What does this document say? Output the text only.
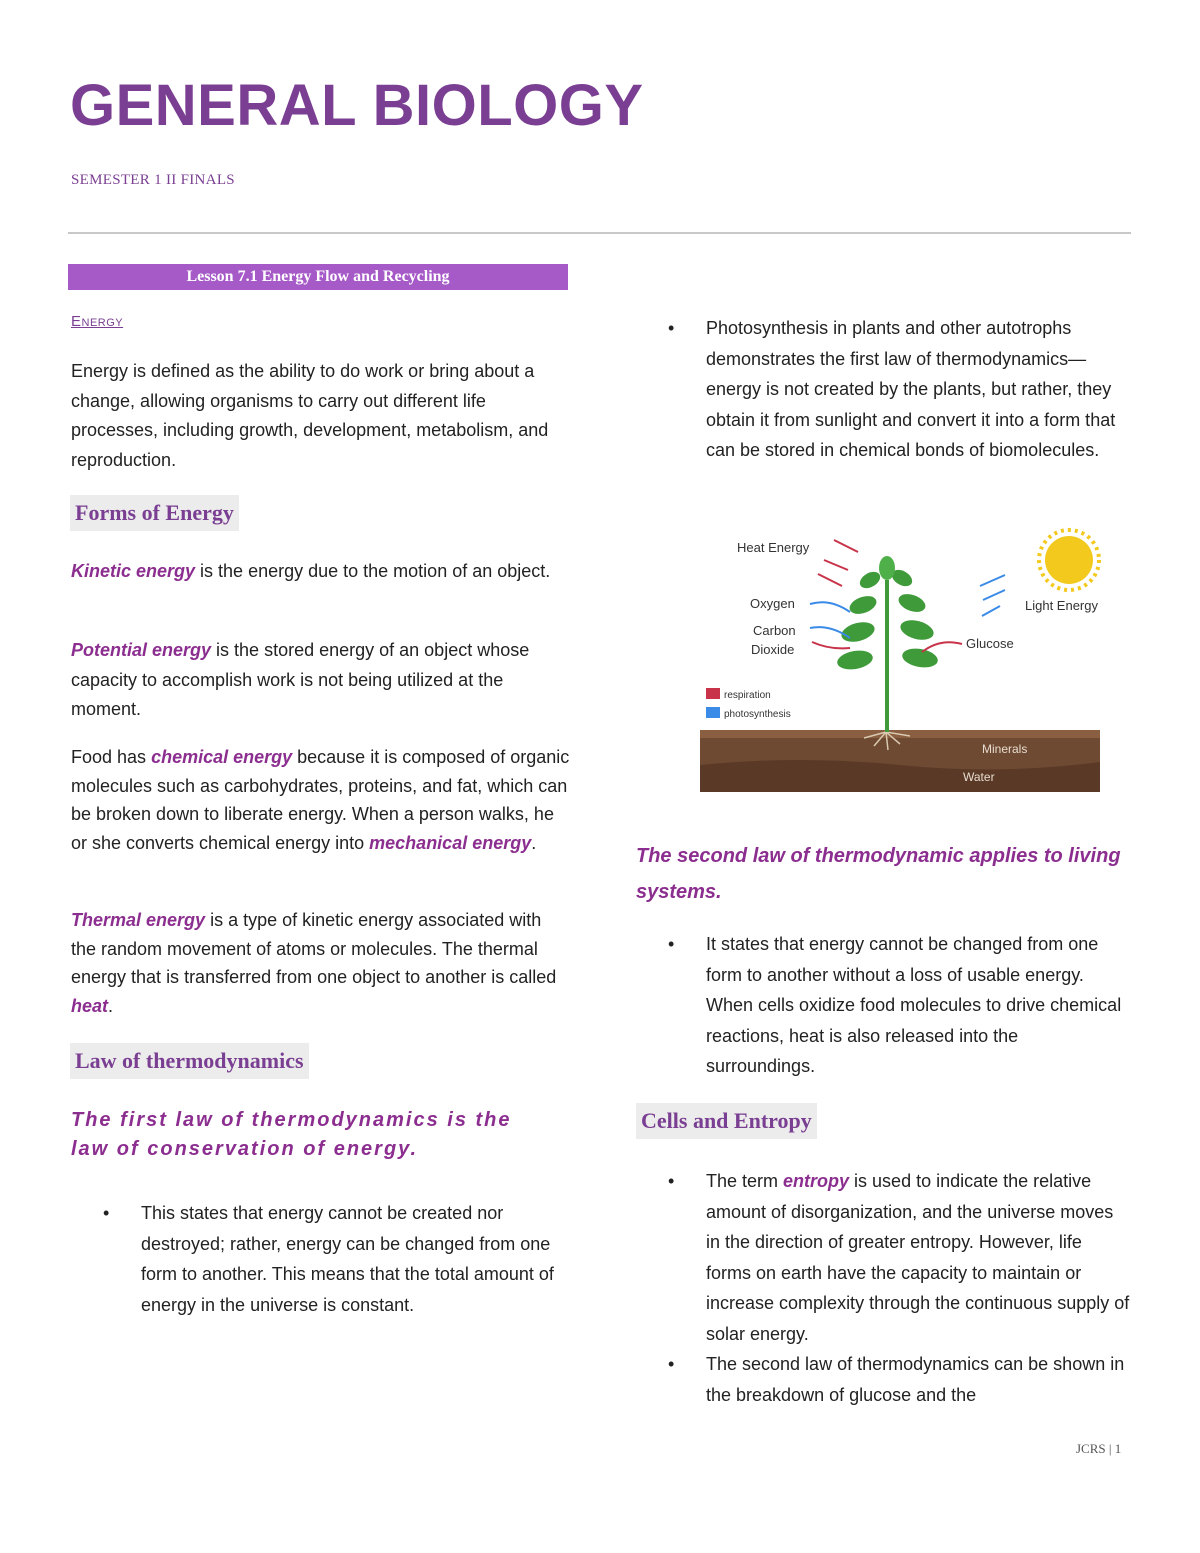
GENERAL BIOLOGY
SEMESTER 1 II FINALS
Lesson 7.1 Energy Flow and Recycling
Energy

Energy is defined as the ability to do work or bring about a change, allowing organisms to carry out different life processes, including growth, development, metabolism, and reproduction.

Forms of Energy

Kinetic energy is the energy due to the motion of an object.

Potential energy is the stored energy of an object whose capacity to accomplish work is not being utilized at the moment.

Food has chemical energy because it is composed of organic molecules such as carbohydrates, proteins, and fat, which can be broken down to liberate energy. When a person walks, he or she converts chemical energy into mechanical energy.

Thermal energy is a type of kinetic energy associated with the random movement of atoms or molecules. The thermal energy that is transferred from one object to another is called heat.

Law of thermodynamics
The first law of thermodynamics is the law of conservation of energy.
• This states that energy cannot be created nor destroyed; rather, energy can be changed from one form to another. This means that the total amount of energy in the universe is constant.
• Photosynthesis in plants and other autotrophs demonstrates the first law of thermodynamics—energy is not created by the plants, but rather, they obtain it from sunlight and convert it into a form that can be stored in chemical bonds of biomolecules.
Minerals
Water
Light Energy
Heat Energy
Oxygen
Carbon
Dioxide	Glucose
respiration
photosynthesis
The second law of thermodynamic applies to living systems.
• It states that energy cannot be changed from one form to another without a loss of usable energy. When cells oxidize food molecules to drive chemical reactions, heat is also released into the surroundings.
Cells and Entropy
• The term entropy is used to indicate the relative amount of disorganization, and the universe moves in the direction of greater entropy. However, life forms on earth have the capacity to maintain or increase complexity through the continuous supply of solar energy.
• The second law of thermodynamics can be shown in the breakdown of glucose and the
JCRS | 1
